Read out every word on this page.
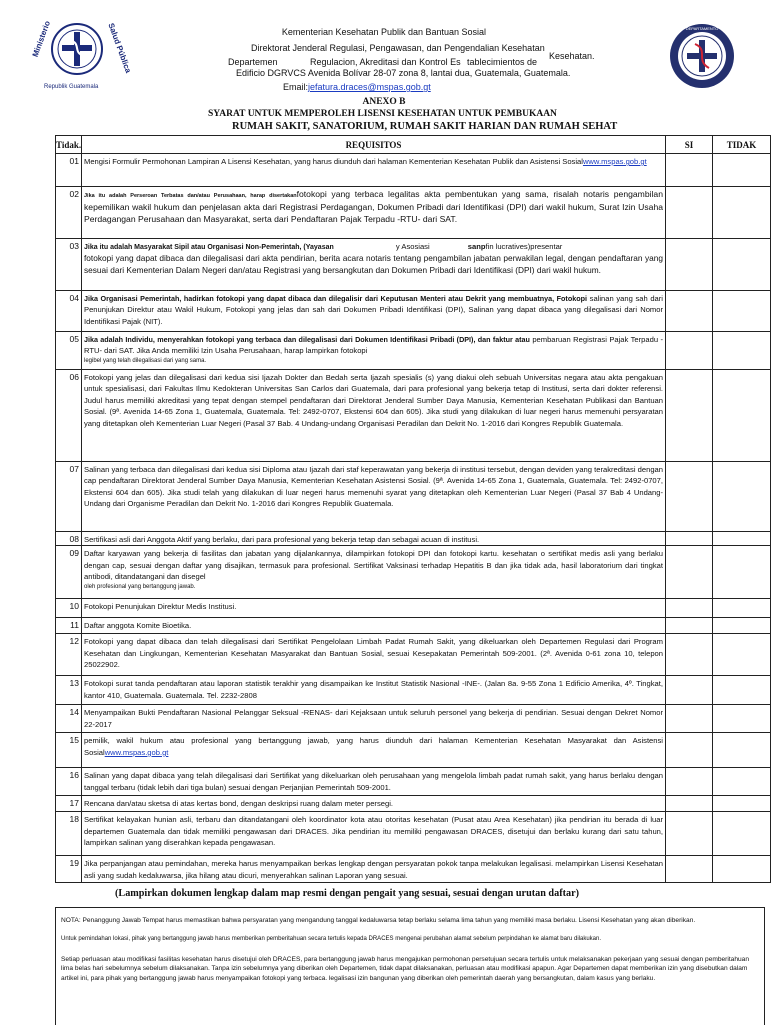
Ministerio	Salud Pública
Republik Guatemala
Kementerian Kesehatan Publik dan Bantuan Sosial
Direktorat Jenderal Regulasi, Pengawasan, dan Pengendalian Kesehatan
Kesehatan.
Departemen	Regulacion, Akreditasi dan Kontrol Es tablecimientos de
Edificio DGRVCS Avenida Bolívar 28-07 zona 8, lantai dua, Guatemala, Guatemala.
Email:jefatura.draces@mspas.gob.gt
DEPARTAMENTO
ANEXO B
SYARAT UNTUK MEMPEROLEH LISENSI KESEHATAN UNTUK PEMBUKAAN
RUMAH SAKIT, SANATORIUM, RUMAH SAKIT HARIAN DAN RUMAH SEHAT
Tidak.	REQUISITOS	SI	TIDAK
01	Mengisi Formulir Permohonan Lampiran A Lisensi Kesehatan, yang harus diunduh dari halaman Kementerian Kesehatan Publik dan Asistensi Sosialwww.mspas.gob.gt		
02	Jika itu adalah Perseroan Terbatas dan/atau Perusahaan, harap disertakanfotokopi yang terbaca legalitas akta pembentukan yang sama, risalah notaris pengambilan kepemilikan wakil hukum dan penjelasan akta dari Registrasi Perdagangan, Dokumen Pribadi dari Identifikasi (DPI) dari wakil hukum, Surat Izin Usaha Perdagangan Perusahaan dan Masyarakat, serta dari Pendaftaran Pajak Terpadu -RTU- dari SAT.		
03	Jika itu adalah Masyarakat Sipil atau Organisasi Non-Pemerintah, (Yayasan y Asosiasi sanpfin lucratives)presentar
fotokopi yang dapat dibaca dan dilegalisasi dari akta pendirian, berita acara notaris tentang pengambilan jabatan perwakilan legal, dengan pendaftaran yang sesuai dari Kementerian Dalam Negeri dan/atau Registrasi yang bersangkutan dan Dokumen Pribadi dari Identifikasi (DPI) dari wakil hukum.		
04	Jika Organisasi Pemerintah, hadirkan fotokopi yang dapat dibaca dan dilegalisir dari Keputusan Menteri atau Dekrit yang membuatnya, Fotokopi salinan yang sah dari Penunjukan Direktur atau Wakil Hukum, Fotokopi yang jelas dan sah dari Dokumen Pribadi Identifikasi (DPI), Salinan yang dapat dibaca yang dilegalisasi dari Nomor Identifikasi Pajak (NIT).		
05	Jika adalah Individu, menyerahkan fotokopi yang terbaca dan dilegalisasi dari Dokumen Identifikasi Pribadi (DPI), dan faktur atau pembaruan Registrasi Pajak Terpadu -RTU- dari SAT. Jika Anda memiliki Izin Usaha Perusahaan, harap lampirkan fotokopi
legibel yang telah dilegalisasi dari yang sama.		

06	Fotokopi yang jelas dan dilegalisasi dari kedua sisi Ijazah Dokter dan Bedah serta Ijazah spesialis (s) yang diakui oleh sebuah Universitas negara atau akta pengakuan untuk spesialisasi, dari Fakultas Ilmu Kedokteran Universitas San Carlos dari Guatemala, dari para profesional yang bekerja tetap di Institusi, serta dari dokter referensi. Judul harus memiliki akreditasi yang tepat dengan stempel pendaftaran dari Direktorat Jenderal Sumber Daya Manusia, Kementerian Kesehatan Publikasi dan Bantuan Sosial. (9ª. Avenida 14-65 Zona 1, Guatemala, Guatemala. Tel: 2492-0707, Ekstensi 604 dan 605). Jika studi yang dilakukan di luar negeri harus memenuhi persyaratan yang ditetapkan oleh Kementerian Luar Negeri (Pasal 37 Bab. 4 Undang-undang Organisasi Peradilan dan Dekrit No. 1-2016 dari Kongres Republik Guatemala.		
07	Salinan yang terbaca dan dilegalisasi dari kedua sisi Diploma atau Ijazah dari staf keperawatan yang bekerja di institusi tersebut, dengan deviden yang terakreditasi dengan cap pendaftaran Direktorat Jenderal Sumber Daya Manusia, Kementerian Kesehatan Asistensi Sosial. (9ª. Avenida 14-65 Zona 1, Guatemala, Guatemala. Tel: 2492-0707, Ekstensi 604 dan 605). Jika studi telah yang dilakukan di luar negeri harus memenuhi syarat yang ditetapkan oleh Kementerian Luar Negeri (Pasal 37 Bab 4 Undang-Undang dari Organisme Peradilan dan Dekrit No. 1-2016 dari Kongres Republik Guatemala.		
08	Sertifikasi asli dari Anggota Aktif yang berlaku, dari para profesional yang bekerja tetap dan sebagai acuan di institusi.		
09	Daftar karyawan yang bekerja di fasilitas dan jabatan yang dijalankannya, dilampirkan fotokopi DPI dan fotokopi kartu. kesehatan o sertifikat medis asli yang berlaku dengan cap, sesuai dengan daftar yang disajikan, termasuk para profesional. Sertifikat Vaksinasi terhadap Hepatitis B dan jika tidak ada, hasil laboratorium dari tingkat antibodi, ditandatangani dan disegel
oleh profesional yang bertanggung jawab.		

10	Fotokopi Penunjukan Direktur Medis Institusi.		
11	Daftar anggota Komite Bioetika.		
12	Fotokopi yang dapat dibaca dan telah dilegalisasi dari Sertifikat Pengelolaan Limbah Padat Rumah Sakit, yang dikeluarkan oleh Departemen Regulasi dari Program Kesehatan dan Lingkungan, Kementerian Kesehatan Masyarakat dan Bantuan Sosial, sesuai Kesepakatan Pemerintah 509-2001. (2ª. Avenida 0-61 zona 10, telepon 25022902.		
13	Fotokopi surat tanda pendaftaran atau laporan statistik terakhir yang disampaikan ke Institut Statistik Nasional -INE-. (Jalan 8a. 9-55 Zona 1 Edificio Amerika, 4º. Tingkat, kantor 410, Guatemala. Guatemala. Tel. 2232-2808		
14	Menyampaikan Bukti Pendaftaran Nasional Pelanggar Seksual -RENAS- dari Kejaksaan untuk seluruh personel yang bekerja di pendirian. Sesuai dengan Dekret Nomor 22-2017		
15	pemilik, wakil hukum atau profesional yang bertanggung jawab, yang harus diunduh dari halaman Kementerian Kesehatan Masyarakat dan Asistensi Sosialwww.mspas.gob.gt		
16	Salinan yang dapat dibaca yang telah dilegalisasi dari Sertifikat yang dikeluarkan oleh perusahaan yang mengelola limbah padat rumah sakit, yang harus berlaku dengan tanggal terbaru (tidak lebih dari tiga bulan) sesuai dengan Perjanjian Pemerintah 509-2001.		
17	Rencana dan/atau sketsa di atas kertas bond, dengan deskripsi ruang dalam meter persegi.		
18	Sertifikat kelayakan hunian asli, terbaru dan ditandatangani oleh koordinator kota atau otoritas kesehatan (Pusat atau Area Kesehatan) jika pendirian itu berada di luar departemen Guatemala dan tidak memiliki pengawasan dari DRACES. Jika pendirian itu memiliki pengawasan DRACES, disetujui dan berlaku kurang dari satu tahun, lampirkan salinan yang diserahkan kepada pengawasan.		
19	Jika perpanjangan atau pemindahan, mereka harus menyampaikan berkas lengkap dengan persyaratan pokok tanpa melakukan legalisasi. melampirkan Lisensi Kesehatan asli yang sudah kedaluwarsa, jika hilang atau dicuri, menyerahkan salinan Laporan yang sesuai.		
(Lampirkan dokumen lengkap dalam map resmi dengan pengait yang sesuai, sesuai dengan urutan daftar)

NOTA: Penanggung Jawab Tempat harus memastikan bahwa persyaratan yang mengandung tanggal kedaluwarsa tetap berlaku selama lima tahun yang memiliki masa berlaku. Lisensi Kesehatan yang akan diberikan.

Untuk pemindahan lokasi, pihak yang bertanggung jawab harus memberikan pemberitahuan secara tertulis kepada DRACES mengenai perubahan alamat sebelum perpindahan ke alamat baru dilakukan.

Setiap perluasan atau modifikasi fasilitas kesehatan harus disetujui oleh DRACES, para bertanggung jawab harus mengajukan permohonan persetujuan secara tertulis untuk melaksanakan pekerjaan yang sesuai dengan pemberitahuan lima belas hari sebelumnya sebelum dilaksanakan. Tanpa izin sebelumnya yang diberikan oleh Departemen, tidak dapat dilaksanakan, perluasan atau modifikasi apapun. Agar Departemen dapat memberikan izin yang disebutkan dalam artikel ini, para pihak yang bertanggung jawab harus menyampaikan fotokopi yang terbaca. legalisasi izin bangunan yang diberikan oleh pemerintah daerah yang bersangkutan, dalam kasus yang berlaku.
